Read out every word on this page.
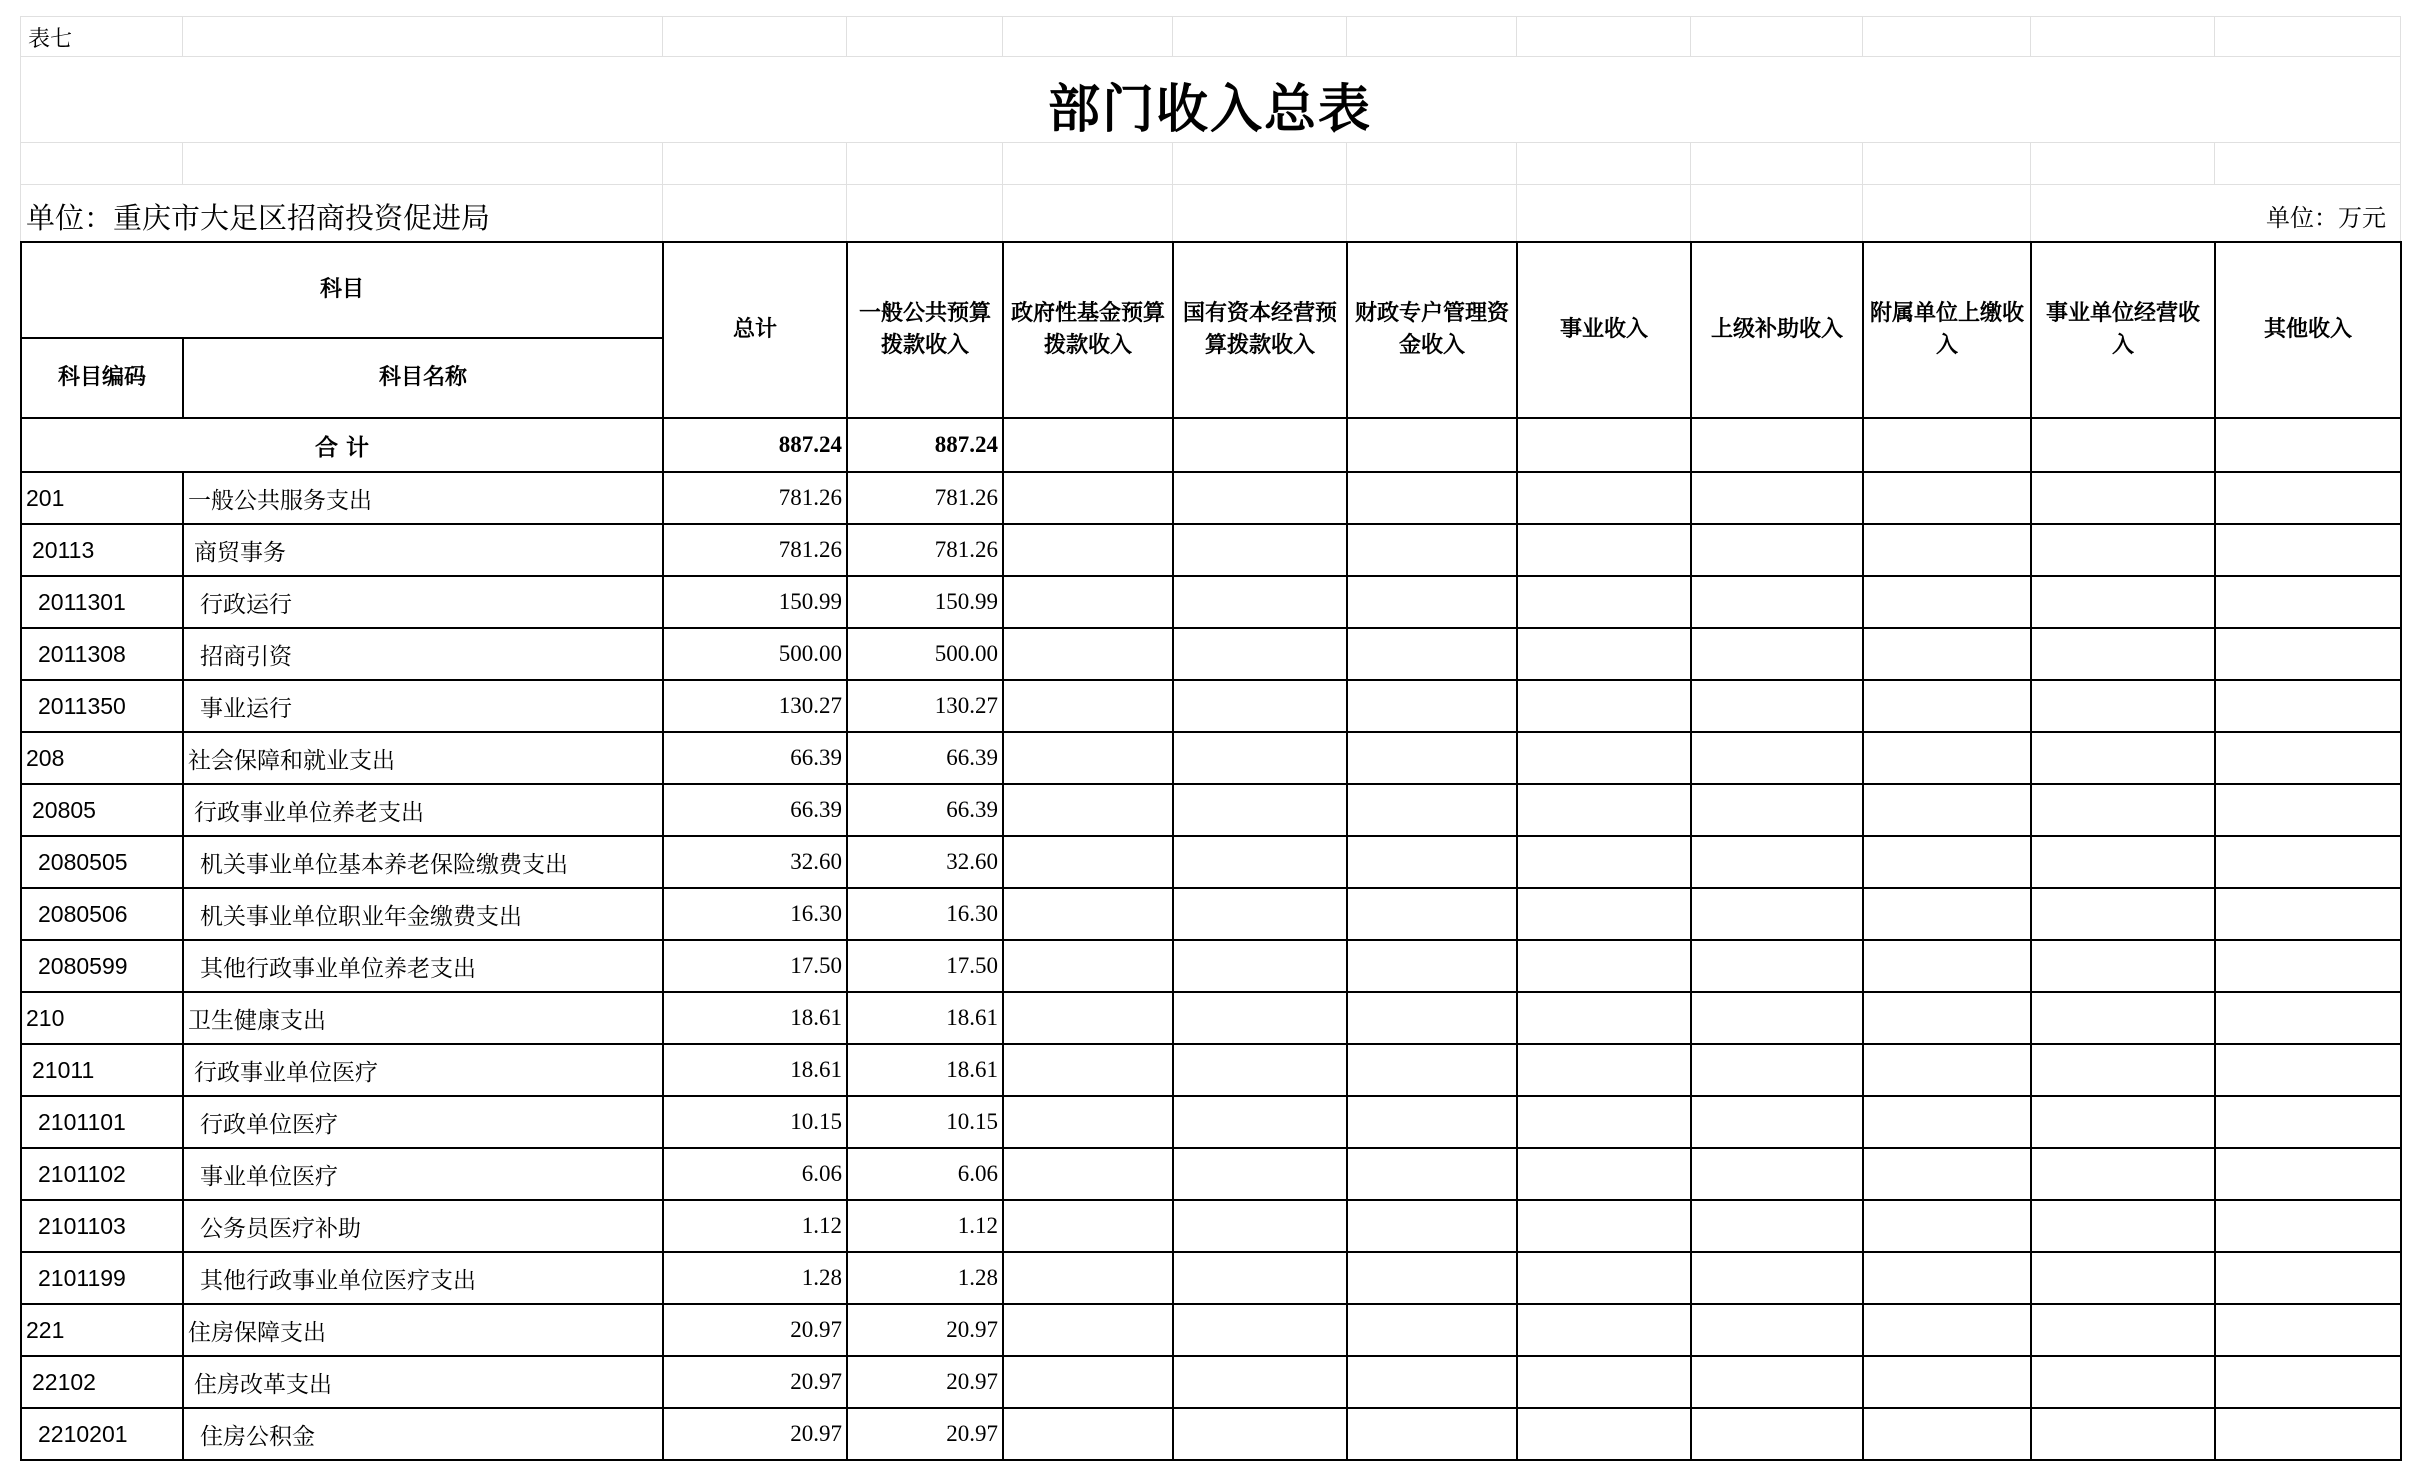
表七
部门收入总表
单位：重庆市大足区招商投资促进局	单位：万元
科目		总计	一般公共预算拨款收入	政府性基金预算拨款收入	国有资本经营预算拨款收入	财政专户管理资金收入	事业收入	上级补助收入	附属单位上缴收入	事业单位经营收入	其他收入
科目编码	科目名称										
合 计		887.24	887.24								
201	一般公共服务支出	781.26	781.26								
20113	商贸事务	781.26	781.26								
2011301	行政运行	150.99	150.99								
2011308	招商引资	500.00	500.00								
2011350	事业运行	130.27	130.27								
208	社会保障和就业支出	66.39	66.39								
20805	行政事业单位养老支出	66.39	66.39								
2080505	机关事业单位基本养老保险缴费支出	32.60	32.60								
2080506	机关事业单位职业年金缴费支出	16.30	16.30								
2080599	其他行政事业单位养老支出	17.50	17.50								
210	卫生健康支出	18.61	18.61								
21011	行政事业单位医疗	18.61	18.61								
2101101	行政单位医疗	10.15	10.15								
2101102	事业单位医疗	6.06	6.06								
2101103	公务员医疗补助	1.12	1.12								
2101199	其他行政事业单位医疗支出	1.28	1.28								
221	住房保障支出	20.97	20.97								
22102	住房改革支出	20.97	20.97								
2210201	住房公积金	20.97	20.97								
